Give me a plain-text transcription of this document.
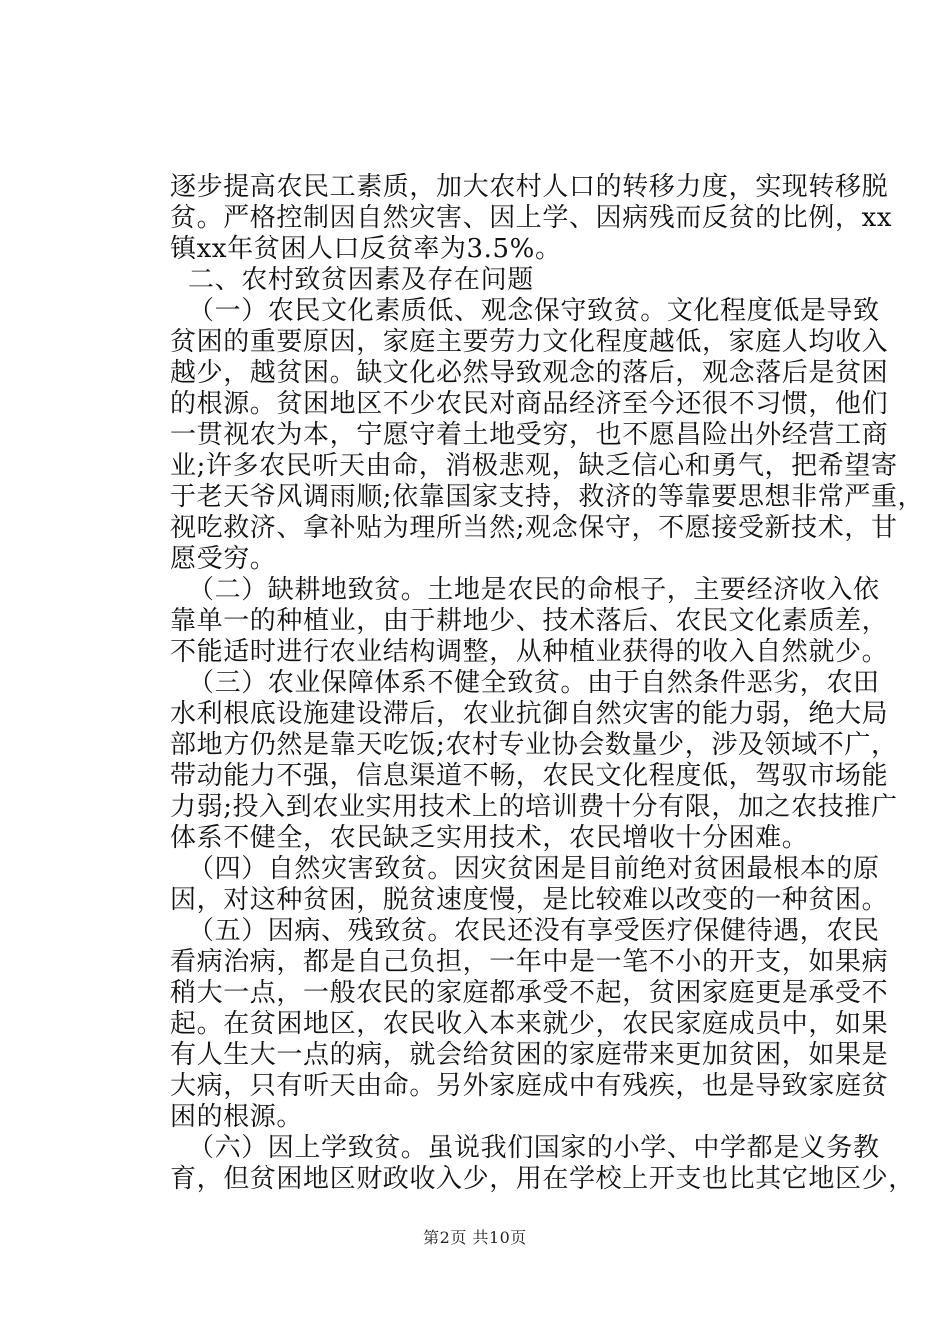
逐步提高农民工素质，加大农村人口的转移力度，实现转移脱
贫。严格控制因自然灾害、因上学、因病残而反贫的比例，xx
镇xx年贫困人口反贫率为3.5%。
二、农村致贫因素及存在问题
（一）农民文化素质低、观念保守致贫。文化程度低是导致
贫困的重要原因，家庭主要劳力文化程度越低，家庭人均收入
越少，越贫困。缺文化必然导致观念的落后，观念落后是贫困
的根源。贫困地区不少农民对商品经济至今还很不习惯，他们
一贯视农为本，宁愿守着土地受穷，也不愿昌险出外经营工商
业;许多农民听天由命，消极悲观，缺乏信心和勇气，把希望寄
于老天爷风调雨顺;依靠国家支持，救济的等靠要思想非常严重，
视吃救济、拿补贴为理所当然;观念保守，不愿接受新技术，甘
愿受穷。
（二）缺耕地致贫。土地是农民的命根子，主要经济收入依
靠单一的种植业，由于耕地少、技术落后、农民文化素质差，
不能适时进行农业结构调整，从种植业获得的收入自然就少。
（三）农业保障体系不健全致贫。由于自然条件恶劣，农田
水利根底设施建设滞后，农业抗御自然灾害的能力弱，绝大局
部地方仍然是靠天吃饭;农村专业协会数量少，涉及领域不广，
带动能力不强，信息渠道不畅，农民文化程度低，驾驭市场能
力弱;投入到农业实用技术上的培训费十分有限，加之农技推广
体系不健全，农民缺乏实用技术，农民增收十分困难。
（四）自然灾害致贫。因灾贫困是目前绝对贫困最根本的原
因，对这种贫困，脱贫速度慢，是比较难以改变的一种贫困。
（五）因病、残致贫。农民还没有享受医疗保健待遇，农民
看病治病，都是自己负担，一年中是一笔不小的开支，如果病
稍大一点，一般农民的家庭都承受不起，贫困家庭更是承受不
起。在贫困地区，农民收入本来就少，农民家庭成员中，如果
有人生大一点的病，就会给贫困的家庭带来更加贫困，如果是
大病，只有听天由命。另外家庭成中有残疾，也是导致家庭贫
困的根源。
（六）因上学致贫。虽说我们国家的小学、中学都是义务教
育，但贫困地区财政收入少，用在学校上开支也比其它地区少，
第2页 共10页
